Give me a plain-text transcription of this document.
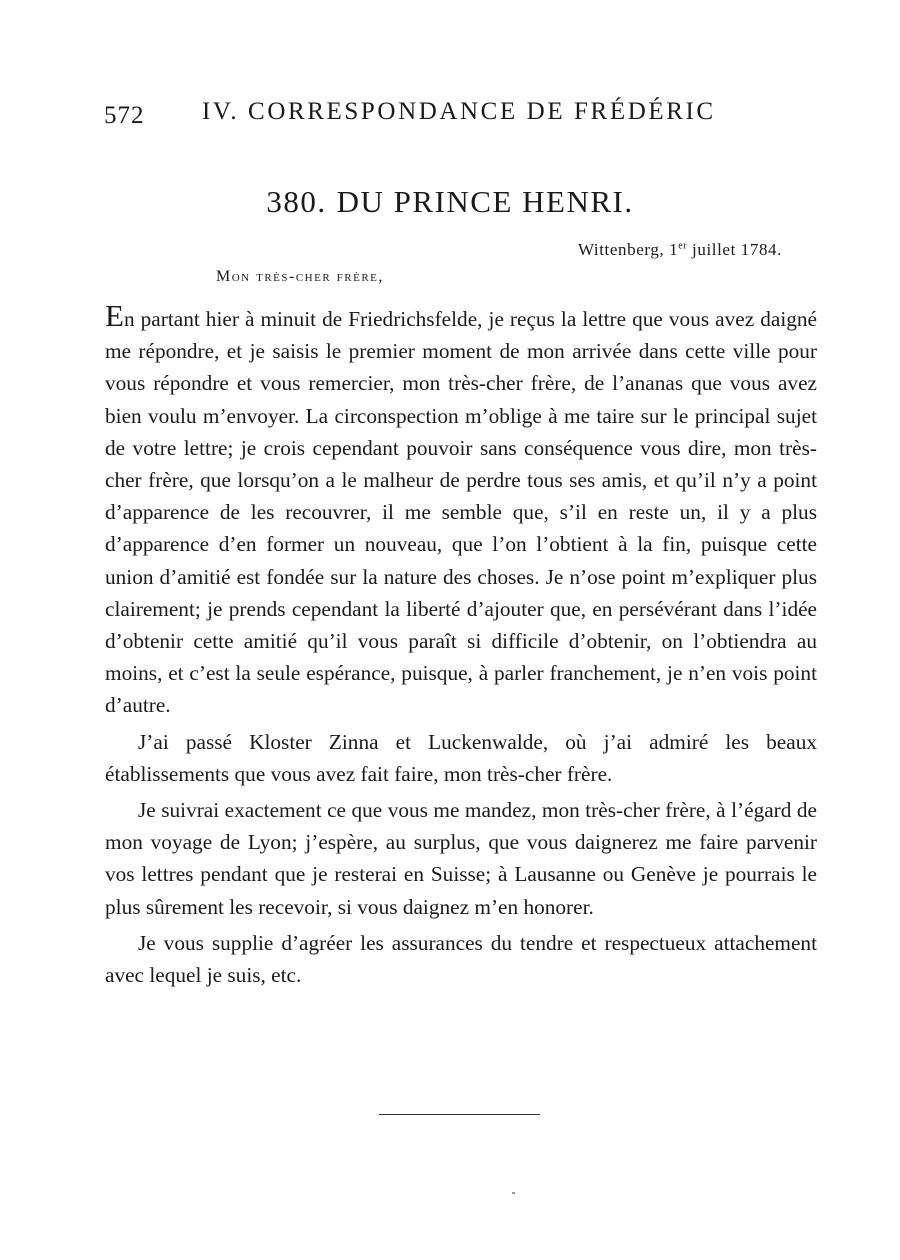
572 IV. CORRESPONDANCE DE FRÉDÉRIC
380. DU PRINCE HENRI.
Wittenberg, 1er juillet 1784.
Mon très-cher frère,

En partant hier à minuit de Friedrichsfelde, je reçus la lettre que vous avez daigné me répondre, et je saisis le premier moment de mon arrivée dans cette ville pour vous répondre et vous remercier, mon très-cher frère, de l’ananas que vous avez bien voulu m’envoyer. La circonspection m’oblige à me taire sur le principal sujet de votre lettre; je crois cependant pouvoir sans conséquence vous dire, mon très-cher frère, que lorsqu’on a le malheur de perdre tous ses amis, et qu’il n’y a point d’apparence de les recouvrer, il me semble que, s’il en reste un, il y a plus d’apparence d’en former un nouveau, que l’on l’obtient à la fin, puisque cette union d’amitié est fondée sur la nature des choses. Je n’ose point m’expliquer plus clairement; je prends cependant la liberté d’ajouter que, en persévérant dans l’idée d’obtenir cette amitié qu’il vous paraît si difficile d’obtenir, on l’obtiendra au moins, et c’est la seule espérance, puisque, à parler franchement, je n’en vois point d’autre.

J’ai passé Kloster Zinna et Luckenwalde, où j’ai admiré les beaux établissements que vous avez fait faire, mon très-cher frère.

Je suivrai exactement ce que vous me mandez, mon très-cher frère, à l’égard de mon voyage de Lyon; j’espère, au surplus, que vous daignerez me faire parvenir vos lettres pendant que je resterai en Suisse; à Lausanne ou Genève je pourrais le plus sûrement les recevoir, si vous daignez m’en honorer.

Je vous supplie d’agréer les assurances du tendre et respectueux attachement avec lequel je suis, etc.
